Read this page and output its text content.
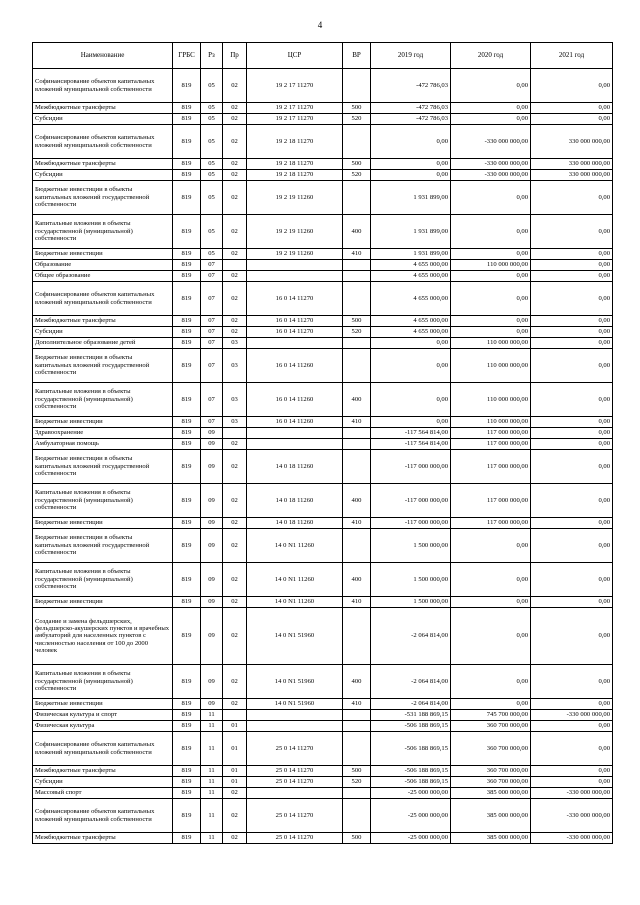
4
Наименование	ГРБС	Рз	Пр	ЦСР	ВР	2019 год	2020 год	2021 год
Софинансирование объектов капитальных вложений муниципальной собственности	819	05	02	19 2 17 11270		-472 786,03	0,00	0,00
Межбюджетные трансферты	819	05	02	19 2 17 11270	500	-472 786,03	0,00	0,00
Субсидии	819	05	02	19 2 17 11270	520	-472 786,03	0,00	0,00
Софинансирование объектов капитальных вложений муниципальной собственности	819	05	02	19 2 18 11270		0,00	-330 000 000,00	330 000 000,00
Межбюджетные трансферты	819	05	02	19 2 18 11270	500	0,00	-330 000 000,00	330 000 000,00
Субсидии	819	05	02	19 2 18 11270	520	0,00	-330 000 000,00	330 000 000,00
Бюджетные инвестиции в объекты капитальных вложений государственной собственности	819	05	02	19 2 19 11260		1 931 899,00	0,00	0,00
Капитальные вложения в объекты государственной (муниципальной) собственности	819	05	02	19 2 19 11260	400	1 931 899,00	0,00	0,00
Бюджетные инвестиции	819	05	02	19 2 19 11260	410	1 931 899,00	0,00	0,00
Образование	819	07				4 655 000,00	110 000 000,00	0,00
Общее образование	819	07	02			4 655 000,00	0,00	0,00
Софинансирование объектов капитальных вложений муниципальной собственности	819	07	02	16 0 14 11270		4 655 000,00	0,00	0,00
Межбюджетные трансферты	819	07	02	16 0 14 11270	500	4 655 000,00	0,00	0,00
Субсидии	819	07	02	16 0 14 11270	520	4 655 000,00	0,00	0,00
Дополнительное образование детей	819	07	03			0,00	110 000 000,00	0,00
Бюджетные инвестиции в объекты капитальных вложений государственной собственности	819	07	03	16 0 14 11260		0,00	110 000 000,00	0,00
Капитальные вложения в объекты государственной (муниципальной) собственности	819	07	03	16 0 14 11260	400	0,00	110 000 000,00	0,00
Бюджетные инвестиции	819	07	03	16 0 14 11260	410	0,00	110 000 000,00	0,00
Здравоохранение	819	09				-117 564 814,00	117 000 000,00	0,00
Амбулаторная помощь	819	09	02			-117 564 814,00	117 000 000,00	0,00
Бюджетные инвестиции в объекты капитальных вложений государственной собственности	819	09	02	14 0 18 11260		-117 000 000,00	117 000 000,00	0,00
Капитальные вложения в объекты государственной (муниципальной) собственности	819	09	02	14 0 18 11260	400	-117 000 000,00	117 000 000,00	0,00
Бюджетные инвестиции	819	09	02	14 0 18 11260	410	-117 000 000,00	117 000 000,00	0,00
Бюджетные инвестиции в объекты капитальных вложений государственной собственности	819	09	02	14 0 N1 11260		1 500 000,00	0,00	0,00
Капитальные вложения в объекты государственной (муниципальной) собственности	819	09	02	14 0 N1 11260	400	1 500 000,00	0,00	0,00
Бюджетные инвестиции	819	09	02	14 0 N1 11260	410	1 500 000,00	0,00	0,00
Создание и замена фельдшерских, фельдшерско-акушерских пунктов и врачебных амбулаторий для населенных пунктов с численностью населения от 100 до 2000 человек	819	09	02	14 0 N1 51960		-2 064 814,00	0,00	0,00
Капитальные вложения в объекты государственной (муниципальной) собственности	819	09	02	14 0 N1 51960	400	-2 064 814,00	0,00	0,00
Бюджетные инвестиции	819	09	02	14 0 N1 51960	410	-2 064 814,00	0,00	0,00
Физическая культура и спорт	819	11				-531 188 869,15	745 700 000,00	-330 000 000,00
Физическая культура	819	11	01			-506 188 869,15	360 700 000,00	0,00
Софинансирование объектов капитальных вложений муниципальной собственности	819	11	01	25 0 14 11270		-506 188 869,15	360 700 000,00	0,00
Межбюджетные трансферты	819	11	01	25 0 14 11270	500	-506 188 869,15	360 700 000,00	0,00
Субсидии	819	11	01	25 0 14 11270	520	-506 188 869,15	360 700 000,00	0,00
Массовый спорт	819	11	02			-25 000 000,00	385 000 000,00	-330 000 000,00
Софинансирование объектов капитальных вложений муниципальной собственности	819	11	02	25 0 14 11270		-25 000 000,00	385 000 000,00	-330 000 000,00
Межбюджетные трансферты	819	11	02	25 0 14 11270	500	-25 000 000,00	385 000 000,00	-330 000 000,00
